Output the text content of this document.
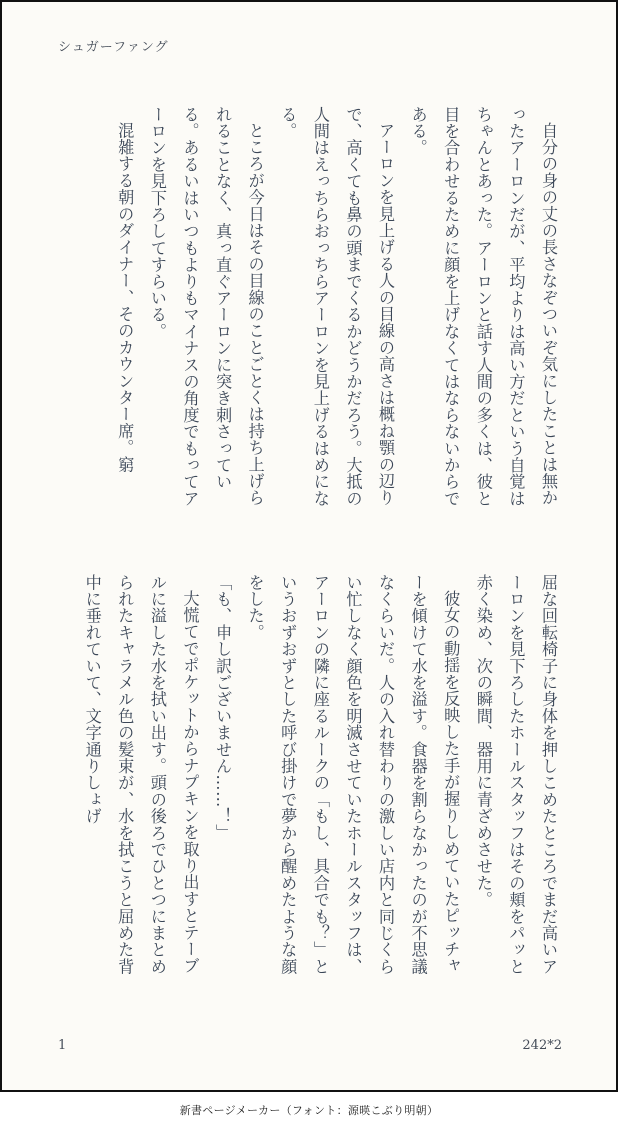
シュガーファング

自分の身の丈の長さなぞついぞ気にしたことは無かったアーロンだが、平均よりは高い方だという自覚はちゃんとあった。アーロンと話す人間の多くは、彼と目を合わせるために顔を上げなくてはならないからである。

アーロンを見上げる人の目線の高さは概ね顎の辺りで、高くても鼻の頭までくるかどうかだろう。大抵の人間はえっちらおっちらアーロンを見上げるはめになる。

ところが今日はその目線のことごとくは持ち上げられることなく、真っ直ぐアーロンに突き刺さっている。あるいはいつもよりもマイナスの角度でもってアーロンを見下ろしてすらいる。

混雑する朝のダイナー、そのカウンター席。窮

屈な回転椅子に身体を押しこめたところでまだ高いアーロンを見下ろしたホールスタッフはその頬をパッと赤く染め、次の瞬間、器用に青ざめさせた。

彼女の動揺を反映した手が握りしめていたピッチャーを傾けて水を溢す。食器を割らなかったのが不思議なくらいだ。人の入れ替わりの激しい店内と同じくらい忙しなく顔色を明滅させていたホールスタッフは、アーロンの隣に座るルークの「もし、具合でも？」というおずおずとした呼び掛けで夢から醒めたような顔をした。

「も、申し訳ございません……！」

大慌てでポケットからナプキンを取り出すとテーブルに溢した水を拭い出す。頭の後ろでひとつにまとめられたキャラメル色の髪束が、水を拭こうと屈めた背中に垂れていて、文字通りしょげ

1	242*2
新書ページメーカー（フォント：源暎こぶり明朝）
